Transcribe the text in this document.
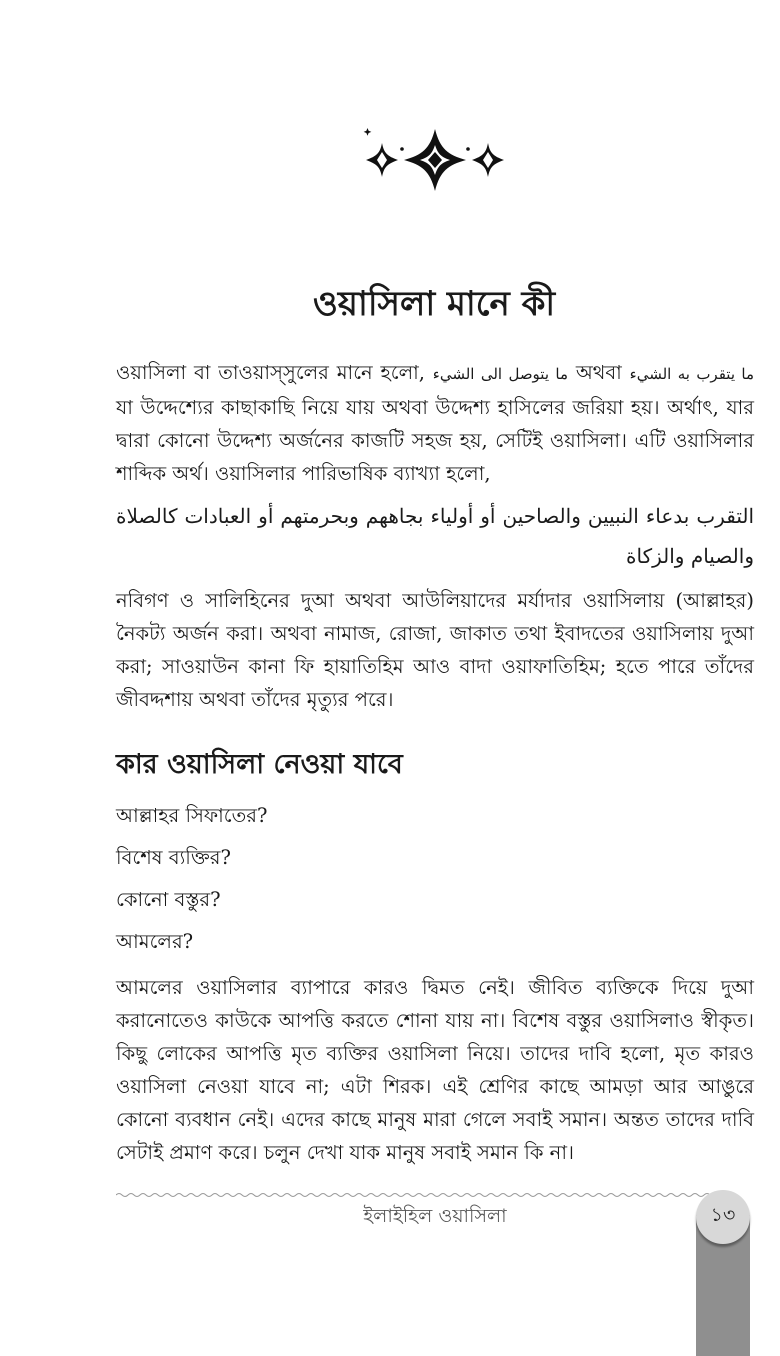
ওয়াসিলা মানে কী

ওয়াসিলা বা তাওয়াস্সুলের মানে হলো, ما يتوصل الى الشيء অথবা ما يتقرب به الشيء যা উদ্দেশ্যের কাছাকাছি নিয়ে যায় অথবা উদ্দেশ্য হাসিলের জরিয়া হয়। অর্থাৎ, যার দ্বারা কোনো উদ্দেশ্য অর্জনের কাজটি সহজ হয়, সেটিই ওয়াসিলা। এটি ওয়াসিলার শাব্দিক অর্থ। ওয়াসিলার পারিভাষিক ব্যাখ্যা হলো,

التقرب بدعاء النبيين والصاحين أو أولياء بجاههم وبحرمتهم أو العبادات كالصلاة والصيام والزكاة

নবিগণ ও সালিহিনের দুআ অথবা আউলিয়াদের মর্যাদার ওয়াসিলায় (আল্লাহর) নৈকট্য অর্জন করা। অথবা নামাজ, রোজা, জাকাত তথা ইবাদতের ওয়াসিলায় দুআ করা; সাওয়াউন কানা ফি হায়াতিহিম আও বাদা ওয়াফাতিহিম; হতে পারে তাঁদের জীবদ্দশায় অথবা তাঁদের মৃত্যুর পরে।

কার ওয়াসিলা নেওয়া যাবে

আল্লাহর সিফাতের?

বিশেষ ব্যক্তির?

কোনো বস্তুর?

আমলের?

আমলের ওয়াসিলার ব্যাপারে কারও দ্বিমত নেই। জীবিত ব্যক্তিকে দিয়ে দুআ করানোতেও কাউকে আপত্তি করতে শোনা যায় না। বিশেষ বস্তুর ওয়াসিলাও স্বীকৃত। কিছু লোকের আপত্তি মৃত ব্যক্তির ওয়াসিলা নিয়ে। তাদের দাবি হলো, মৃত কারও ওয়াসিলা নেওয়া যাবে না; এটা শিরক। এই শ্রেণির কাছে আমড়া আর আঙুরে কোনো ব্যবধান নেই। এদের কাছে মানুষ মারা গেলে সবাই সমান। অন্তত তাদের দাবি সেটাই প্রমাণ করে। চলুন দেখা যাক মানুষ সবাই সমান কি না।

ইলাইহিল ওয়াসিলা	১৩
